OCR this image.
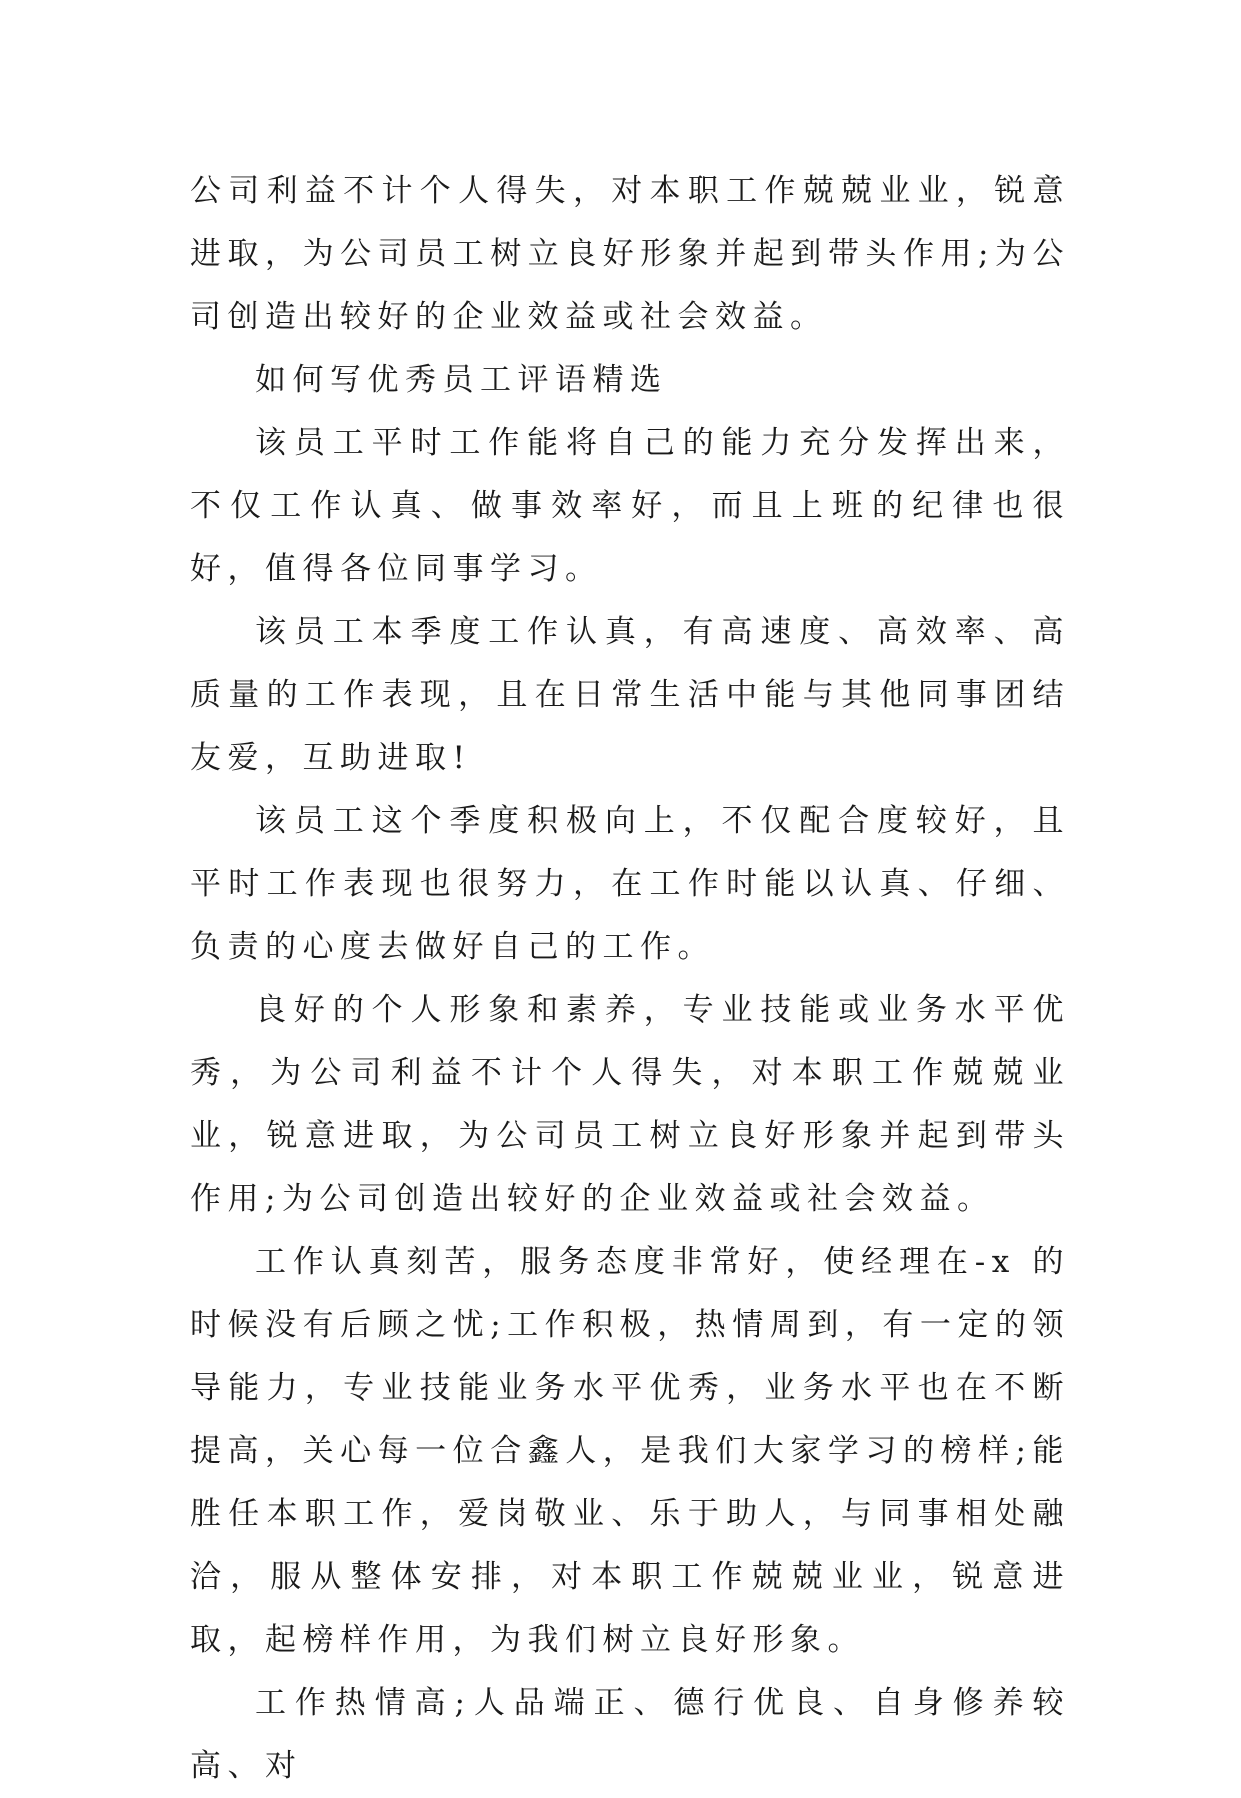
公司利益不计个人得失，对本职工作兢兢业业，锐意进取，为公司员工树立良好形象并起到带头作用;为公司创造出较好的企业效益或社会效益。

如何写优秀员工评语精选

该员工平时工作能将自己的能力充分发挥出来，不仅工作认真、做事效率好，而且上班的纪律也很好，值得各位同事学习。

该员工本季度工作认真，有高速度、高效率、高质量的工作表现，且在日常生活中能与其他同事团结友爱，互助进取!

该员工这个季度积极向上，不仅配合度较好，且平时工作表现也很努力，在工作时能以认真、仔细、负责的心度去做好自己的工作。

良好的个人形象和素养，专业技能或业务水平优秀，为公司利益不计个人得失，对本职工作兢兢业业，锐意进取，为公司员工树立良好形象并起到带头作用;为公司创造出较好的企业效益或社会效益。

工作认真刻苦，服务态度非常好，使经理在-x 的时候没有后顾之忧;工作积极，热情周到，有一定的领导能力，专业技能业务水平优秀，业务水平也在不断提高，关心每一位合鑫人，是我们大家学习的榜样;能胜任本职工作，爱岗敬业、乐于助人，与同事相处融洽，服从整体安排，对本职工作兢兢业业，锐意进取，起榜样作用，为我们树立良好形象。

工作热情高;人品端正、德行优良、自身修养较高、对
